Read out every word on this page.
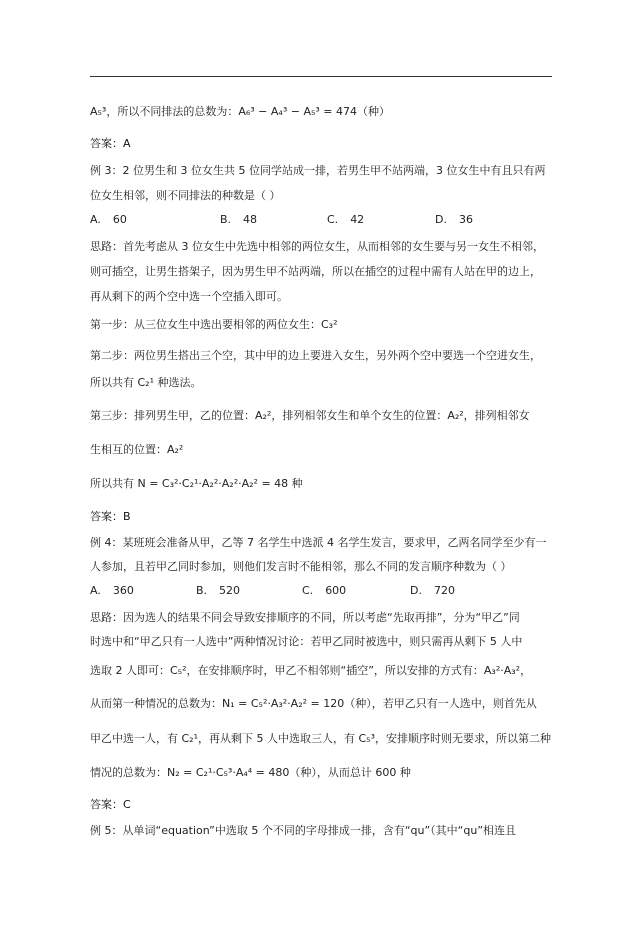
A₅³，所以不同排法的总数为：A₆³ − A₄³ − A₅³ = 474（种）
答案：A
例 3：2 位男生和 3 位女生共 5 位同学站成一排，若男生甲不站两端，3 位女生中有且只有两
位女生相邻，则不同排法的种数是（ ）
A. 60	B. 48	C. 42	D. 36
思路：首先考虑从 3 位女生中先选中相邻的两位女生，从而相邻的女生要与另一女生不相邻，
则可插空，让男生搭架子，因为男生甲不站两端，所以在插空的过程中需有人站在甲的边上，
再从剩下的两个空中选一个空插入即可。
第一步：从三位女生中选出要相邻的两位女生：C₃²
第二步：两位男生搭出三个空，其中甲的边上要进入女生，另外两个空中要选一个空进女生，
所以共有 C₂¹ 种选法。
第三步：排列男生甲，乙的位置：A₂²，排列相邻女生和单个女生的位置：A₂²，排列相邻女
生相互的位置：A₂²
所以共有 N = C₃²·C₂¹·A₂²·A₂²·A₂² = 48 种
答案：B
例 4：某班班会准备从甲，乙等 7 名学生中选派 4 名学生发言，要求甲，乙两名同学至少有一
人参加，且若甲乙同时参加，则他们发言时不能相邻，那么不同的发言顺序种数为（ ）
A. 360	B. 520	C. 600	D. 720
思路：因为选人的结果不同会导致安排顺序的不同，所以考虑“先取再排”，分为“甲乙”同
时选中和“甲乙只有一人选中”两种情况讨论：若甲乙同时被选中，则只需再从剩下 5 人中
选取 2 人即可：C₅²，在安排顺序时，甲乙不相邻则“插空”，所以安排的方式有：A₃²·A₃²，
从而第一种情况的总数为：N₁ = C₅²·A₃²·A₂² = 120（种），若甲乙只有一人选中，则首先从
甲乙中选一人，有 C₂¹，再从剩下 5 人中选取三人，有 C₅³，安排顺序时则无要求，所以第二种
情况的总数为：N₂ = C₂¹·C₅³·A₄⁴ = 480（种），从而总计 600 种
答案：C
例 5：从单词“equation”中选取 5 个不同的字母排成一排，含有“qu”（其中“qu”相连且
